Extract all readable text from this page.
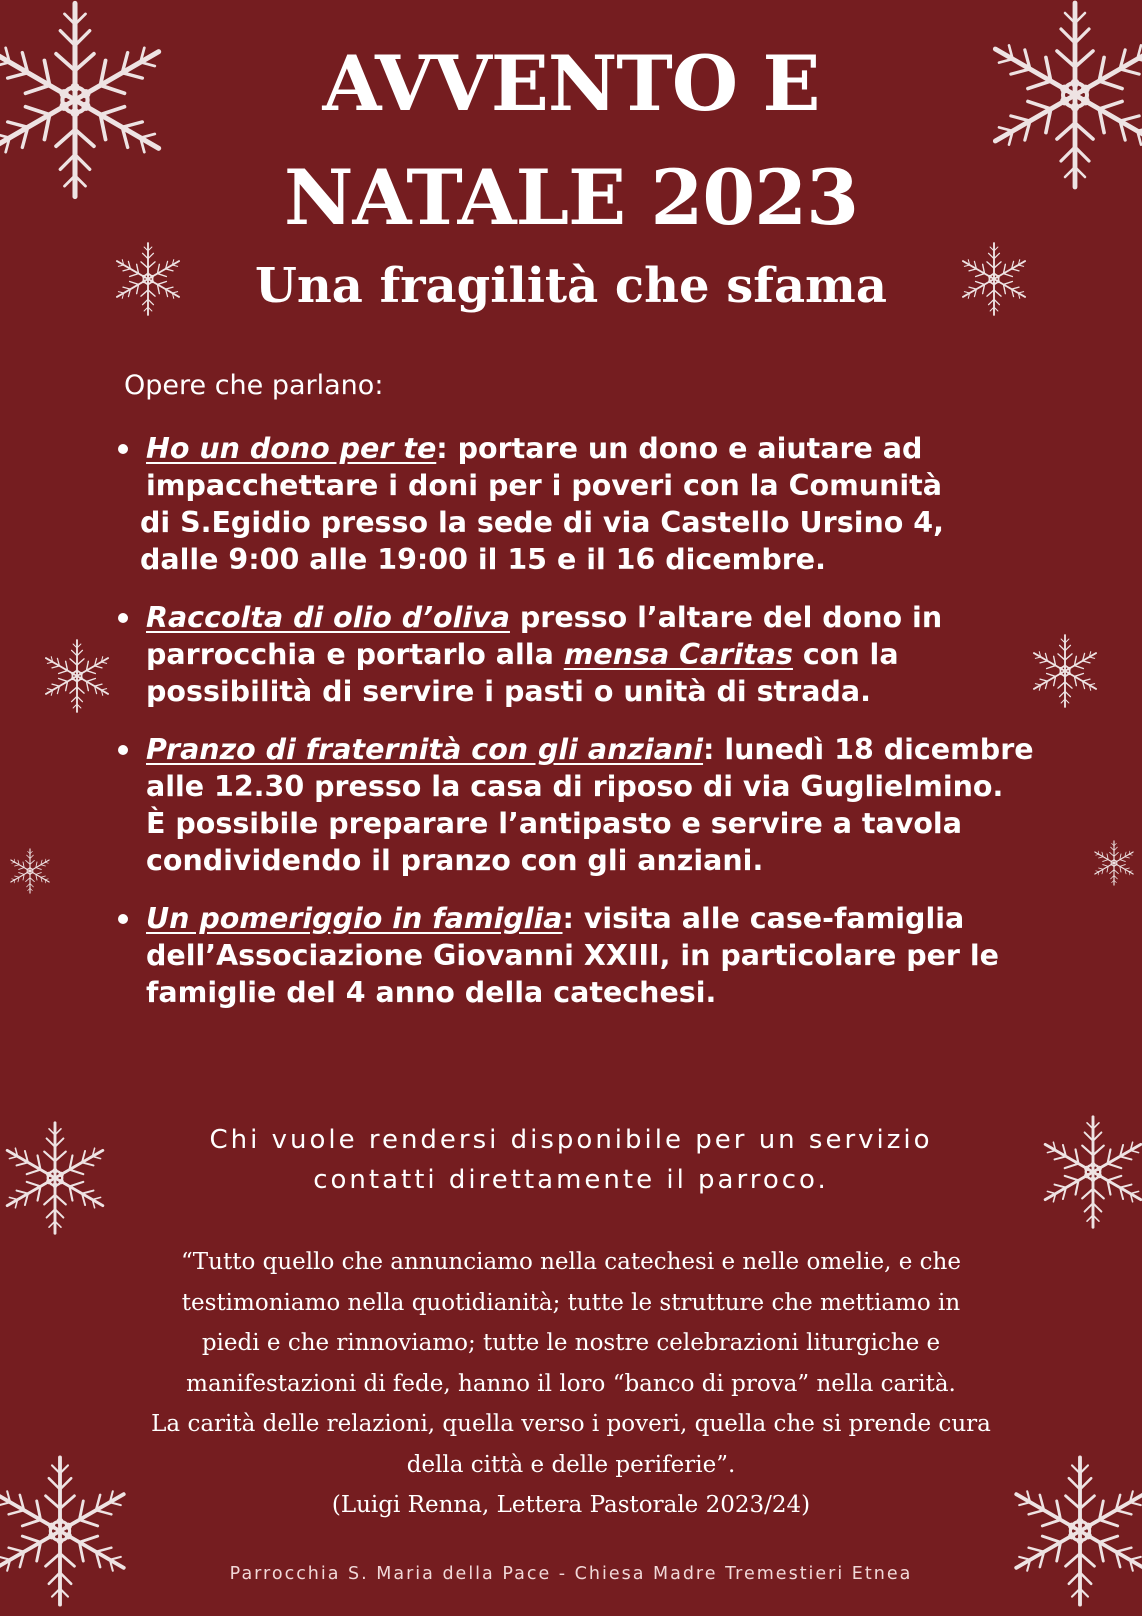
AVVENTO E
NATALE 2023
Una fragilità che sfama

Opere che parlano:

Ho un dono per te: portare un dono e aiutare ad
impacchettare i doni per i poveri con la Comunità
di S.Egidio presso la sede di via Castello Ursino 4,
dalle 9:00 alle 19:00 il 15 e il 16 dicembre.
Raccolta di olio d’oliva presso l’altare del dono in
parrocchia e portarlo alla mensa Caritas con la
possibilità di servire i pasti o unità di strada.
Pranzo di fraternità con gli anziani: lunedì 18 dicembre
alle 12.30 presso la casa di riposo di via Guglielmino.
È possibile preparare l’antipasto e servire a tavola
condividendo il pranzo con gli anziani.
Un pomeriggio in famiglia: visita alle case-famiglia
dell’Associazione Giovanni XXIII, in particolare per le
famiglie del 4 anno della catechesi.
Chi vuole rendersi disponibile per un servizio
contatti direttamente il parroco.
“Tutto quello che annunciamo nella catechesi e nelle omelie, e che
testimoniamo nella quotidianità; tutte le strutture che mettiamo in
piedi e che rinnoviamo; tutte le nostre celebrazioni liturgiche e
manifestazioni di fede, hanno il loro “banco di prova” nella carità.
La carità delle relazioni, quella verso i poveri, quella che si prende cura
della città e delle periferie”.
(Luigi Renna, Lettera Pastorale 2023/24)

Parrocchia S. Maria della Pace - Chiesa Madre Tremestieri Etnea
